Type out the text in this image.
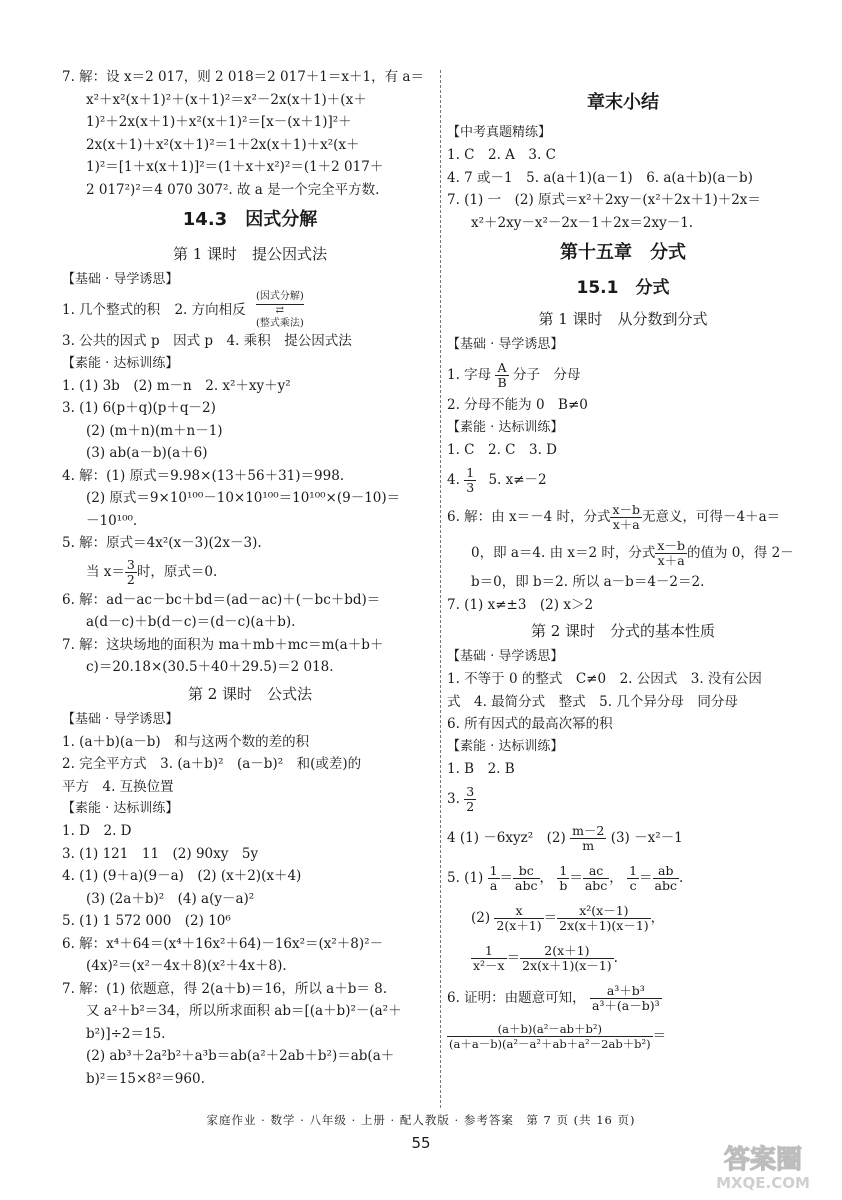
7. 解：设 x＝2 017，则 2 018＝2 017＋1＝x＋1，有 a＝
x²＋x²(x＋1)²＋(x＋1)²＝x²－2x(x＋1)＋(x＋
1)²＋2x(x＋1)＋x²(x＋1)²＝[x－(x＋1)]²＋
2x(x＋1)＋x²(x＋1)²＝1＋2x(x＋1)＋x²(x＋
1)²＝[1＋x(x＋1)]²＝(1＋x＋x²)²＝(1＋2 017＋
2 017²)²＝4 070 307². 故 a 是一个完全平方数.
14.3　因式分解
第 1 课时　提公因式法
【基础 · 导学诱思】
1. 几个整式的积 2. 方向相反 (因式分解)
⇄
(整式乘法)
3. 公共的因式 p　因式 p　4. 乘积　提公因式法
【素能 · 达标训练】
1. (1) 3b　(2) m－n　2. x²＋xy＋y²
3. (1) 6(p＋q)(p＋q－2)
(2) (m＋n)(m＋n－1)
(3) ab(a－b)(a＋6)
4. 解：(1) 原式＝9.98×(13＋56＋31)＝998.
(2) 原式＝9×10¹⁰⁰－10×10¹⁰⁰＝10¹⁰⁰×(9－10)＝
－10¹⁰⁰.
5. 解：原式＝4x²(x－3)(2x－3).
当 $x= \frac{3}{2}$ 时，原式＝0.
6. 解：ad－ac－bc＋bd＝(ad－ac)＋(－bc＋bd)＝
a(d－c)＋b(d－c)＝(d－c)(a＋b).
7. 解：这块场地的面积为 ma＋mb＋mc＝m(a＋b＋
c)＝20.18×(30.5＋40＋29.5)＝2 018.
第 2 课时　公式法
【基础 · 导学诱思】
1. (a＋b)(a－b)　和与这两个数的差的积
2. 完全平方式　3. (a＋b)²　(a－b)²　和(或差)的
平方　4. 互换位置
【素能 · 达标训练】
1. D　2. D
3. (1) 121　11　(2) 90xy　5y
4. (1) (9＋a)(9－a)　(2) (x＋2)(x＋4)
(3) (2a＋b)²　(4) a(y－a)²
5. (1) 1 572 000　(2) 10⁶
6. 解：x⁴＋64＝(x⁴＋16x²＋64)－16x²＝(x²＋8)²－
(4x)²＝(x²－4x＋8)(x²＋4x＋8).
7. 解：(1) 依题意，得 2(a＋b)＝16，所以 a＋b＝ 8.
又 a²＋b²＝34，所以所求面积 ab＝[(a＋b)²－(a²＋
b²)]÷2＝15.
(2) ab³＋2a²b²＋a³b＝ab(a²＋2ab＋b²)＝ab(a＋
b)²＝15×8²＝960.
章末小结
【中考真题精练】
1. C　2. A　3. C
4. 7 或－1　5. a(a＋1)(a－1)　6. a(a＋b)(a－b)
7. (1) 一　(2) 原式＝x²＋2xy－(x²＋2x＋1)＋2x＝
x²＋2xy－x²－2x－1＋2x＝2xy－1.
第十五章　分式
15.1　分式
第 1 课时　从分数到分式
【基础 · 导学诱思】
1. 字母 $\frac{A}{B}$ 分子　分母
2. 分母不能为 0　B≠0
【素能 · 达标训练】
1. C　2. C　3. D
4. $\frac{1}{3} 5$. x≠－2
6. 解：由 x＝－4 时，分式 $\frac{x-b}{x+a}$ 无意义，可得－4＋a＝
0，即 a＝4. 由 x＝2 时，分式 $\frac{x-b}{x+a}$ 的值为 0，得 2－
b＝0，即 b＝2. 所以 a－b＝4－2＝2.
7. (1) x≠±3　(2) x＞2
第 2 课时　分式的基本性质
【基础 · 导学诱思】
1. 不等于 0 的整式　C≠0　2. 公因式　3. 没有公因
式　4. 最简分式　整式　5. 几个异分母　同分母
6. 所有因式的最高次幂的积
【素能 · 达标训练】
1. B　2. B
3. $\frac{3}{2}$
4 (1) －6xyz²　$(2) \frac{m-2}{m} (3) -x^2-1$
5. $(1) \frac{1}{a} = \frac{bc}{\text{abc}}$ ， $\frac{1}{b} = \frac{ac}{\text{abc}}$ ， $\frac{1}{c} = \frac{ab}{\text{abc}}$ .
$(2) \frac{x}{2(x+1)} = \frac{\text{x²(x－1)}}{2x(x+1)(x-1)}$ ，
$\frac{1}{\text{x²－x}} = \frac{2(x+1)}{2x(x+1)(x-1)}$ .
6. 证明：由题意可知， $\frac{\text{a³＋b³}}{\text{a³＋(a－b)³}}$
$\frac{\text{(a＋b)(a²－ab＋b²)}}{\text{(a＋a－b)(a²－a²＋ab＋a²－2ab＋b²)}}$ ＝
家庭作业 · 数学 · 八年级 · 上册 · 配人教版 · 参考答案　第 7 页 (共 16 页)
55
答案圈
MXQE.COM
